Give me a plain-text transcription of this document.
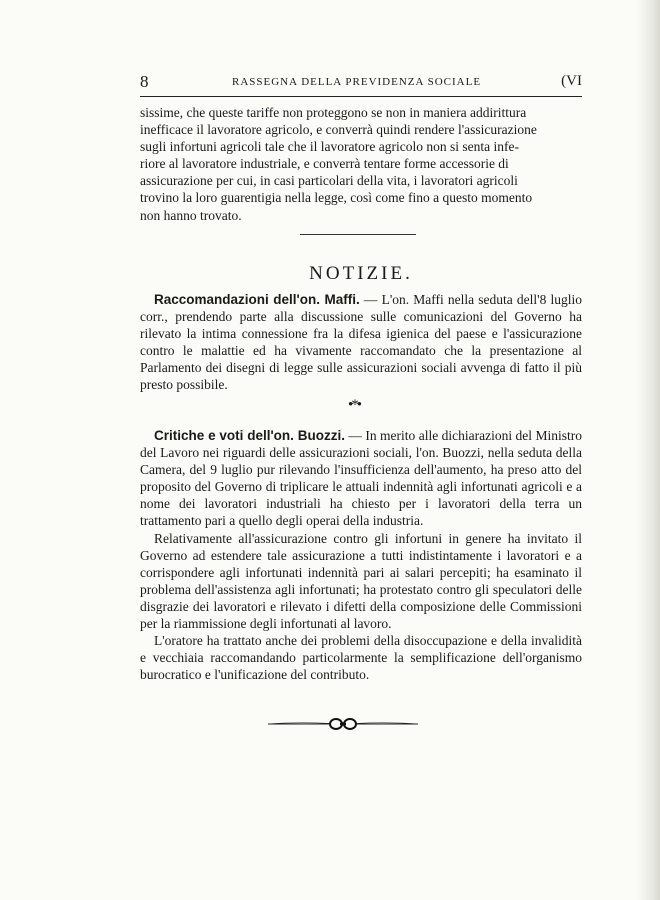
8	RASSEGNA DELLA PREVIDENZA SOCIALE	(VI
sissime, che queste tariffe non proteggono se non in maniera addirittura
inefficace il lavoratore agricolo, e converrà quindi rendere l'assicurazione
sugli infortuni agricoli tale che il lavoratore agricolo non si senta infe-
riore al lavoratore industriale, e converrà tentare forme accessorie di
assicurazione per cui, in casi particolari della vita, i lavoratori agricoli
trovino la loro guarentigia nella legge, così come fino a questo momento
non hanno trovato.
NOTIZIE.

Raccomandazioni dell'on. Maffi. — L'on. Maffi nella seduta dell'8 luglio corr., prendendo parte alla discussione sulle comunicazioni del Governo ha rilevato la intima connessione fra la difesa igienica del paese e l'assicurazione contro le malattie ed ha vivamente raccomandato che la presentazione al Parlamento dei disegni di legge sulle assicurazioni sociali avvenga di fatto il più presto possibile.

•*•

Critiche e voti dell'on. Buozzi. — In merito alle dichiarazioni del Ministro del Lavoro nei riguardi delle assicurazioni sociali, l'on. Buozzi, nella seduta della Camera, del 9 luglio pur rilevando l'insufficienza dell'aumento, ha preso atto del proposito del Governo di triplicare le attuali indennità agli infortunati agricoli e a nome dei lavoratori industriali ha chiesto per i lavoratori della terra un trattamento pari a quello degli operai della industria.

Relativamente all'assicurazione contro gli infortuni in genere ha invitato il Governo ad estendere tale assicurazione a tutti indistintamente i lavoratori e a corrispondere agli infortunati indennità pari ai salari percepiti; ha esaminato il problema dell'assistenza agli infortunati; ha protestato contro gli speculatori delle disgrazie dei lavoratori e rilevato i difetti della composizione delle Commissioni per la riammissione degli infortunati al lavoro.

L'oratore ha trattato anche dei problemi della disoccupazione e della invalidità e vecchiaia raccomandando particolarmente la semplificazione dell'organismo burocratico e l'unificazione del contributo.
